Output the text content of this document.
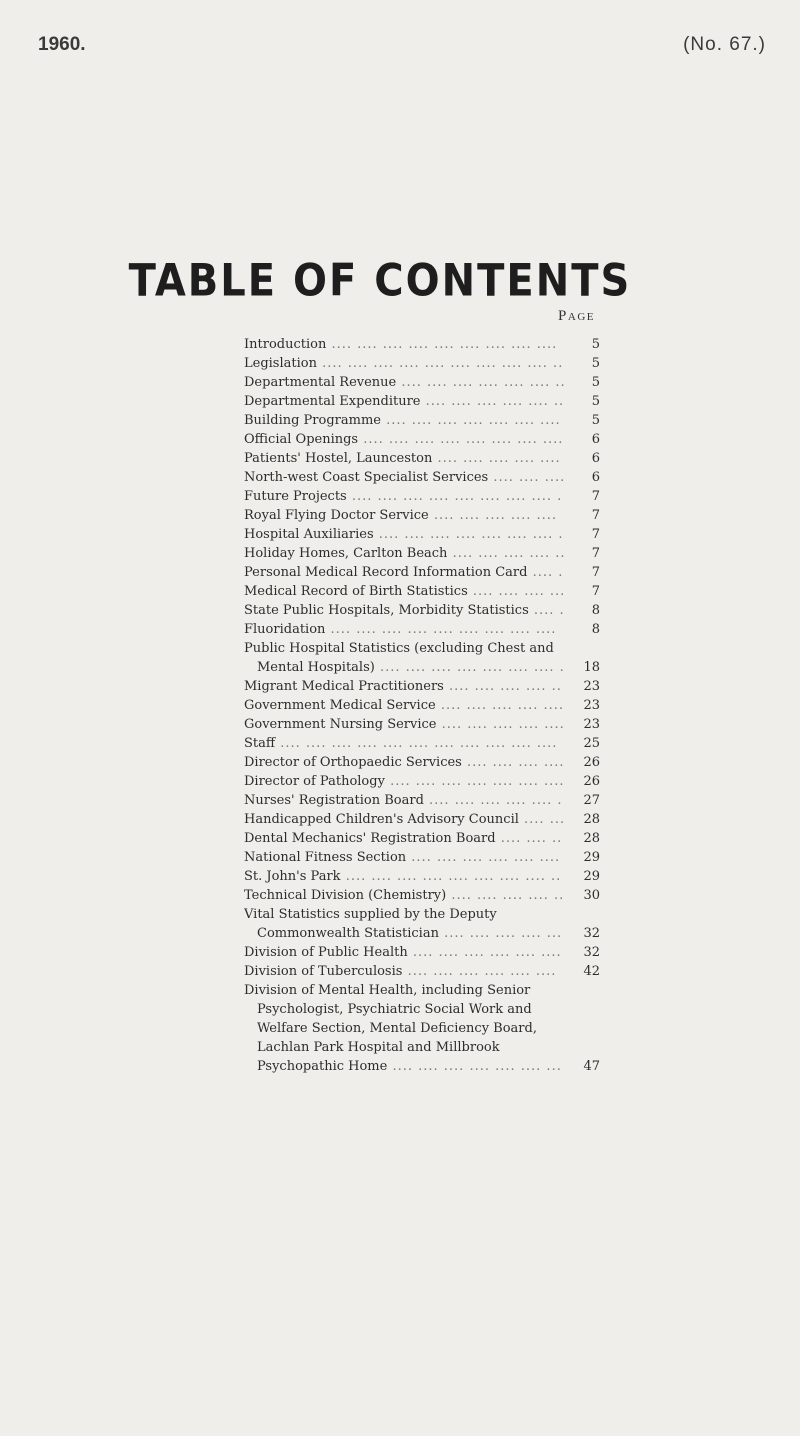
1960.	(No. 67.)
TABLE OF CONTENTS
Page
Introduction .... .... .... .... .... .... .... .... ....	5
Legislation .... .... .... .... .... .... .... .... .... ..	5
Departmental Revenue .... .... .... .... .... .... ..	5
Departmental Expenditure .... .... .... .... .... ..	5
Building Programme .... .... .... .... .... .... ....	5
Official Openings .... .... .... .... .... .... .... ....	6
Patients' Hostel, Launceston .... .... .... .... ....	6
North-west Coast Specialist Services .... .... ....	6
Future Projects .... .... .... .... .... .... .... .... .	7
Royal Flying Doctor Service .... .... .... .... ....	7
Hospital Auxiliaries .... .... .... .... .... .... .... .	7
Holiday Homes, Carlton Beach .... .... .... .... ..	7
Personal Medical Record Information Card .... .	7
Medical Record of Birth Statistics .... .... .... ...	7
State Public Hospitals, Morbidity Statistics .... .	8
Fluoridation .... .... .... .... .... .... .... .... ....	8
Public Hospital Statistics (excluding Chest and Mental Hospitals) .... .... .... .... .... .... .... .	18
Migrant Medical Practitioners .... .... .... .... ..	23
Government Medical Service .... .... .... .... ....	23
Government Nursing Service .... .... .... .... ....	23
Staff .... .... .... .... .... .... .... .... .... .... ....	25
Director of Orthopaedic Services .... .... .... ....	26
Director of Pathology .... .... .... .... .... .... ....	26
Nurses' Registration Board .... .... .... .... .... .	27
Handicapped Children's Advisory Council .... ...	28
Dental Mechanics' Registration Board .... .... ..	28
National Fitness Section .... .... .... .... .... ....	29
St. John's Park .... .... .... .... .... .... .... .... ..	29
Technical Division (Chemistry) .... .... .... .... ..	30
Vital Statistics supplied by the Deputy Commonwealth Statistician .... .... .... .... ...	32
Division of Public Health .... .... .... .... .... ....	32
Division of Tuberculosis .... .... .... .... .... ....	42
Division of Mental Health, including Senior Psychologist, Psychiatric Social Work and Welfare Section, Mental Deficiency Board, Lachlan Park Hospital and Millbrook Psychopathic Home .... .... .... .... .... .... ...	47
